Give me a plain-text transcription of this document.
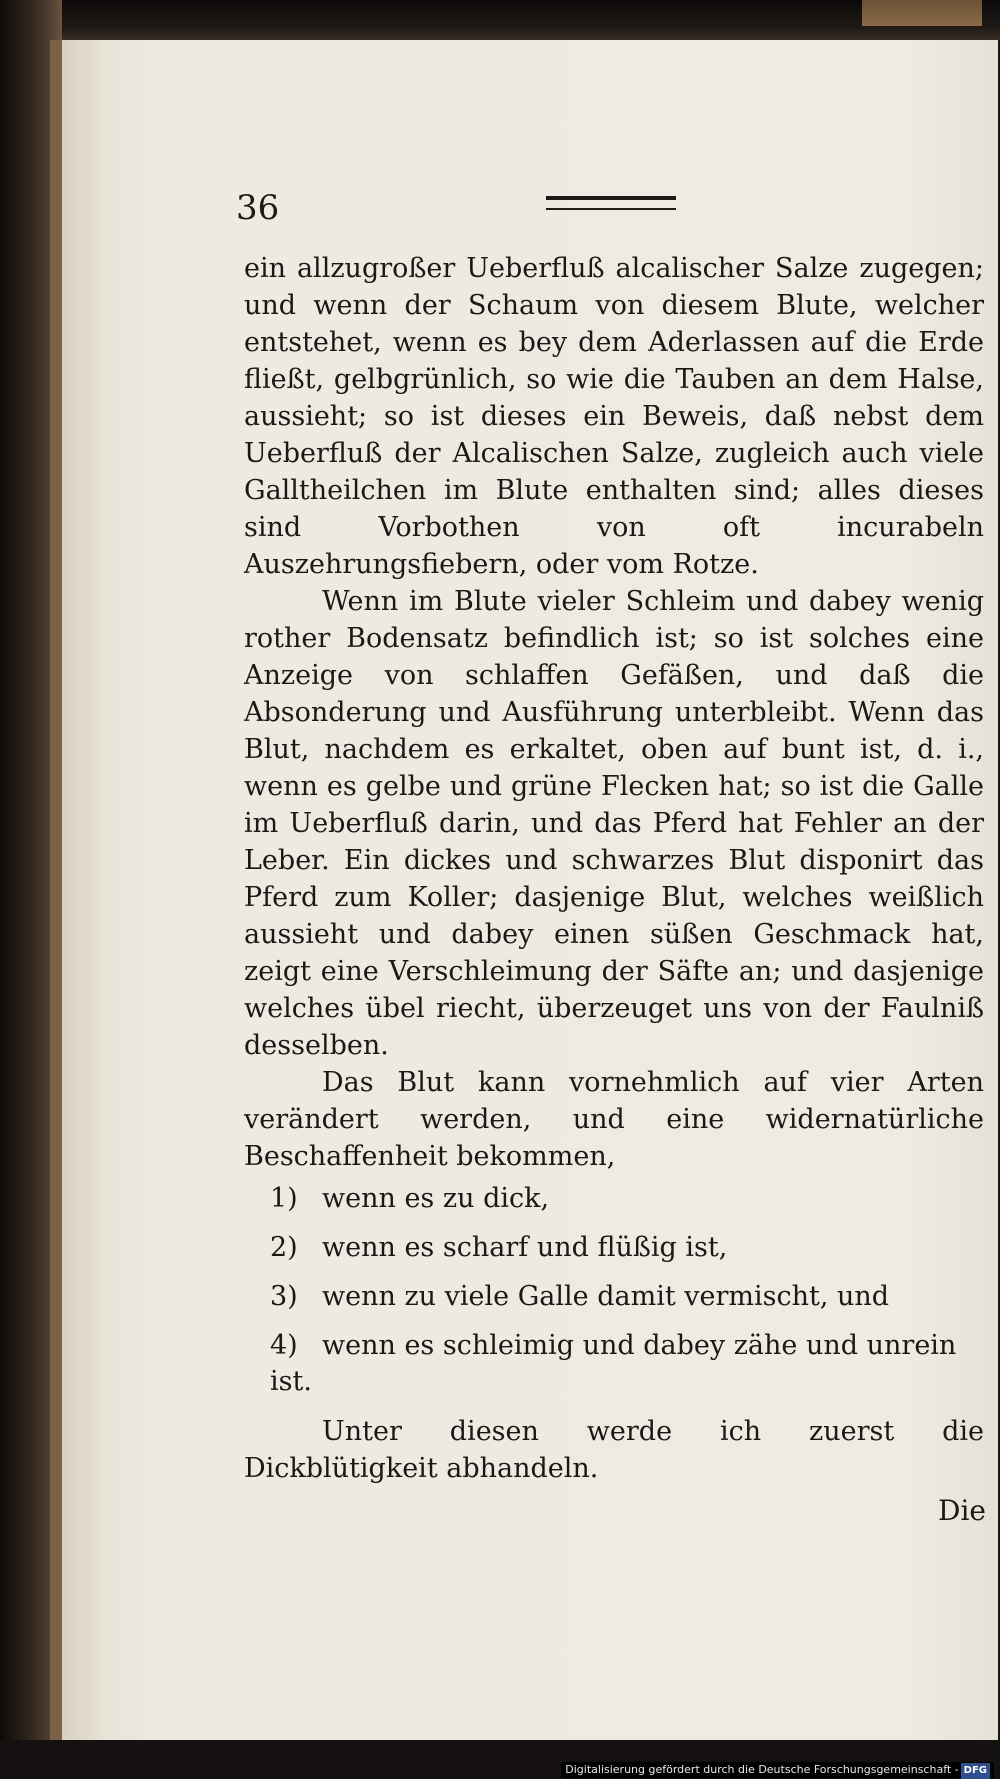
36

ein allzugroßer Ueberfluß alcalischer Salze zugegen; und wenn der Schaum von diesem Blute, welcher entstehet, wenn es bey dem Aderlassen auf die Erde fließt, gelbgrünlich, so wie die Tauben an dem Halse, aussieht; so ist dieses ein Beweis, daß nebst dem Ueberfluß der Alcalischen Salze, zugleich auch viele Galltheilchen im Blute enthalten sind; alles dieses sind Vorbothen von oft incurabeln Auszehrungsfiebern, oder vom Rotze.

Wenn im Blute vieler Schleim und dabey wenig rother Bodensatz befindlich ist; so ist solches eine Anzeige von schlaffen Gefäßen, und daß die Absonderung und Ausführung unterbleibt. Wenn das Blut, nachdem es erkaltet, oben auf bunt ist, d. i., wenn es gelbe und grüne Flecken hat; so ist die Galle im Ueberfluß darin, und das Pferd hat Fehler an der Leber. Ein dickes und schwarzes Blut disponirt das Pferd zum Koller; dasjenige Blut, welches weißlich aussieht und dabey einen süßen Geschmack hat, zeigt eine Verschleimung der Säfte an; und dasjenige welches übel riecht, überzeuget uns von der Faulniß desselben.

Das Blut kann vornehmlich auf vier Arten verändert werden, und eine widernatürliche Beschaffenheit bekommen,

1) wenn es zu dick,
2) wenn es scharf und flüßig ist,
3) wenn zu viele Galle damit vermischt, und
4) wenn es schleimig und dabey zähe und unrein ist.

Unter diesen werde ich zuerst die Dickblütigkeit abhandeln.

Die
Digitalisierung gefördert durch die Deutsche Forschungsgemeinschaft - DFG
